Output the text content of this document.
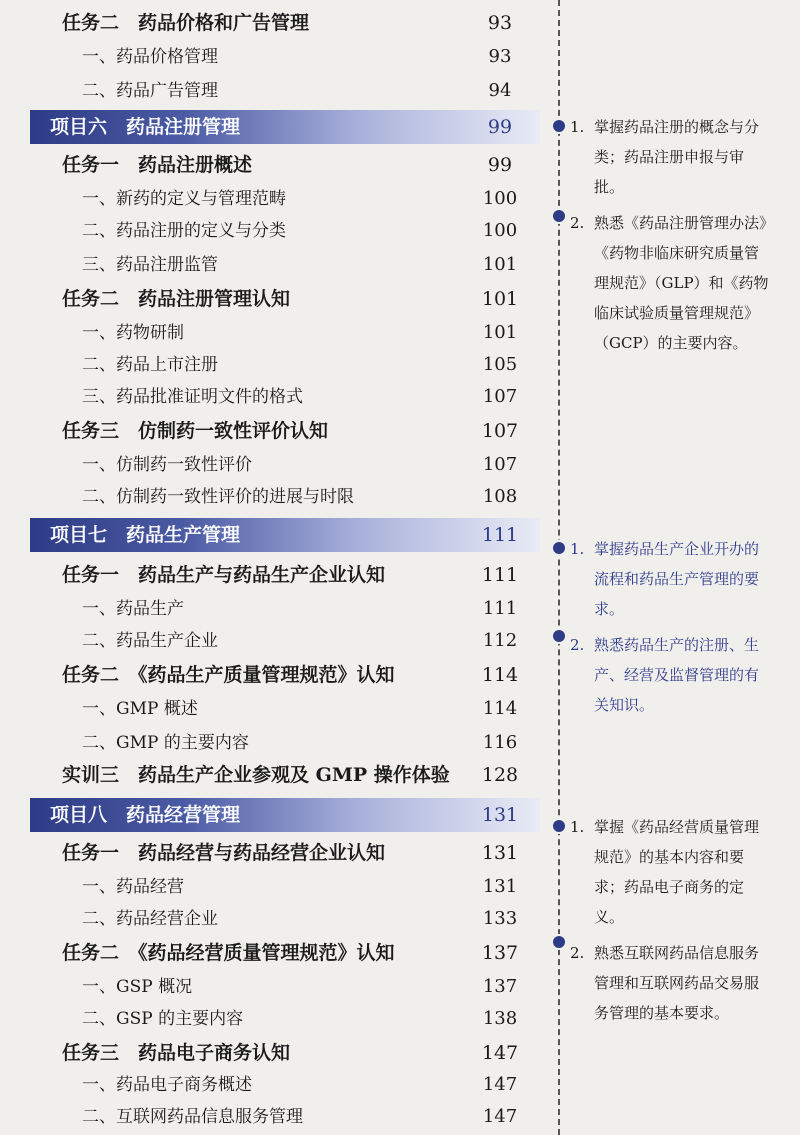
任务二　药品价格和广告管理	93
一、药品价格管理	93
二、药品广告管理	94
项目六　药品注册管理	99
任务一　药品注册概述	99
一、新药的定义与管理范畴	100
二、药品注册的定义与分类	100
三、药品注册监管	101
任务二　药品注册管理认知	101
一、药物研制	101
二、药品上市注册	105
三、药品批准证明文件的格式	107
任务三　仿制药一致性评价认知	107
一、仿制药一致性评价	107
二、仿制药一致性评价的进展与时限	108
项目七　药品生产管理	111
任务一　药品生产与药品生产企业认知	111
一、药品生产	111
二、药品生产企业	112
任务二　《药品生产质量管理规范》认知	114
一、GMP 概述	114
二、GMP 的主要内容	116
实训三　药品生产企业参观及 GMP 操作体验	128
项目八　药品经营管理	131
任务一　药品经营与药品经营企业认知	131
一、药品经营	131
二、药品经营企业	133
任务二　《药品经营质量管理规范》认知	137
一、GSP 概况	137
二、GSP 的主要内容	138
任务三　药品电子商务认知	147
一、药品电子商务概述	147
二、互联网药品信息服务管理	147
1. 掌握药品注册的概念与分类；药品注册申报与审批。
2. 熟悉《药品注册管理办法》《药物非临床研究质量管理规范》（GLP）和《药物临床试验质量管理规范》（GCP）的主要内容。
1. 掌握药品生产企业开办的流程和药品生产管理的要求。
2. 熟悉药品生产的注册、生产、经营及监督管理的有关知识。
1. 掌握《药品经营质量管理规范》的基本内容和要求；药品电子商务的定义。
2. 熟悉互联网药品信息服务管理和互联网药品交易服务管理的基本要求。
